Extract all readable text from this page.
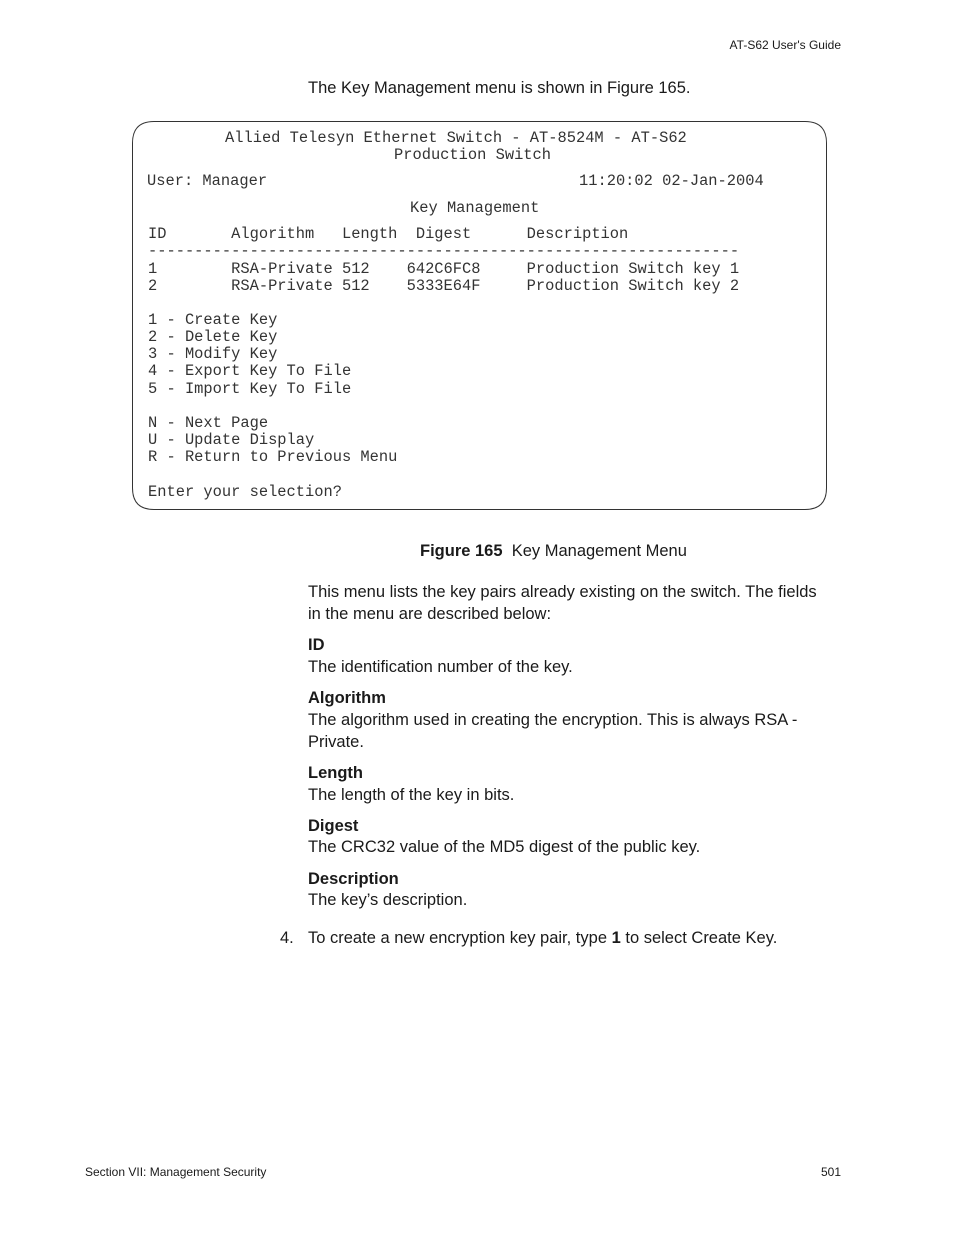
AT-S62 User's Guide
The Key Management menu is shown in Figure 165.
Allied Telesyn Ethernet Switch - AT-8524M - AT-S62
Production Switch
User: Manager	11:20:02 02-Jan-2004
Key Management
ID       Algorithm   Length  Digest      Description
----------------------------------------------------------------
1        RSA-Private 512    642C6FC8     Production Switch key 1
2        RSA-Private 512    5333E64F     Production Switch key 2
1 - Create Key
2 - Delete Key
3 - Modify Key
4 - Export Key To File
5 - Import Key To File
N - Next Page
U - Update Display
R - Return to Previous Menu
Enter your selection?
Figure 165 Key Management Menu
This menu lists the key pairs already existing on the switch. The fields in the menu are described below:
ID
The identification number of the key.
Algorithm
The algorithm used in creating the encryption. This is always RSA - Private.
Length
The length of the key in bits.
Digest
The CRC32 value of the MD5 digest of the public key.
Description
The key’s description.
4. To create a new encryption key pair, type 1 to select Create Key.
Section VII: Management Security	501
